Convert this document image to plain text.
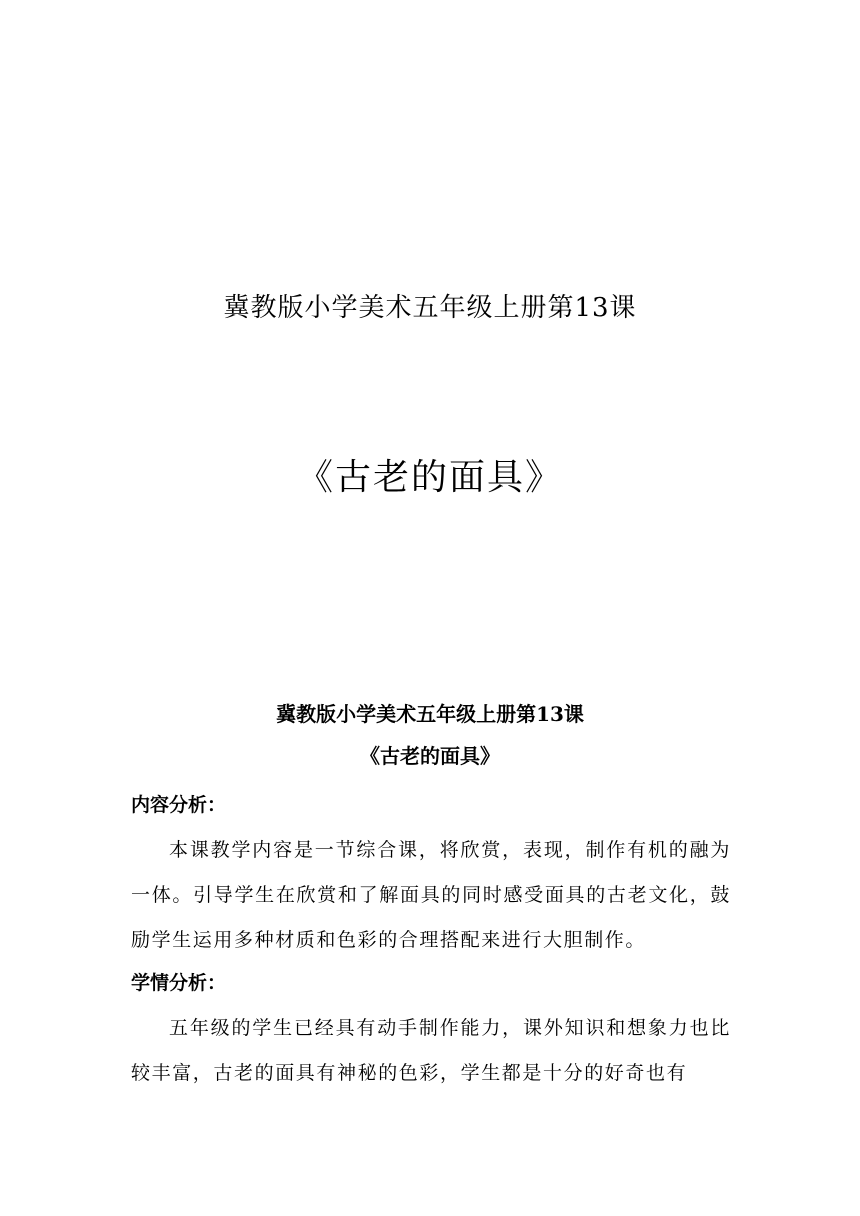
冀教版小学美术五年级上册第13课
《古老的面具》
冀教版小学美术五年级上册第13课
《古老的面具》
内容分析：
本课教学内容是一节综合课，将欣赏，表现，制作有机的融为一体。引导学生在欣赏和了解面具的同时感受面具的古老文化，鼓励学生运用多种材质和色彩的合理搭配来进行大胆制作。
学情分析：
五年级的学生已经具有动手制作能力，课外知识和想象力也比较丰富，古老的面具有神秘的色彩，学生都是十分的好奇也有
